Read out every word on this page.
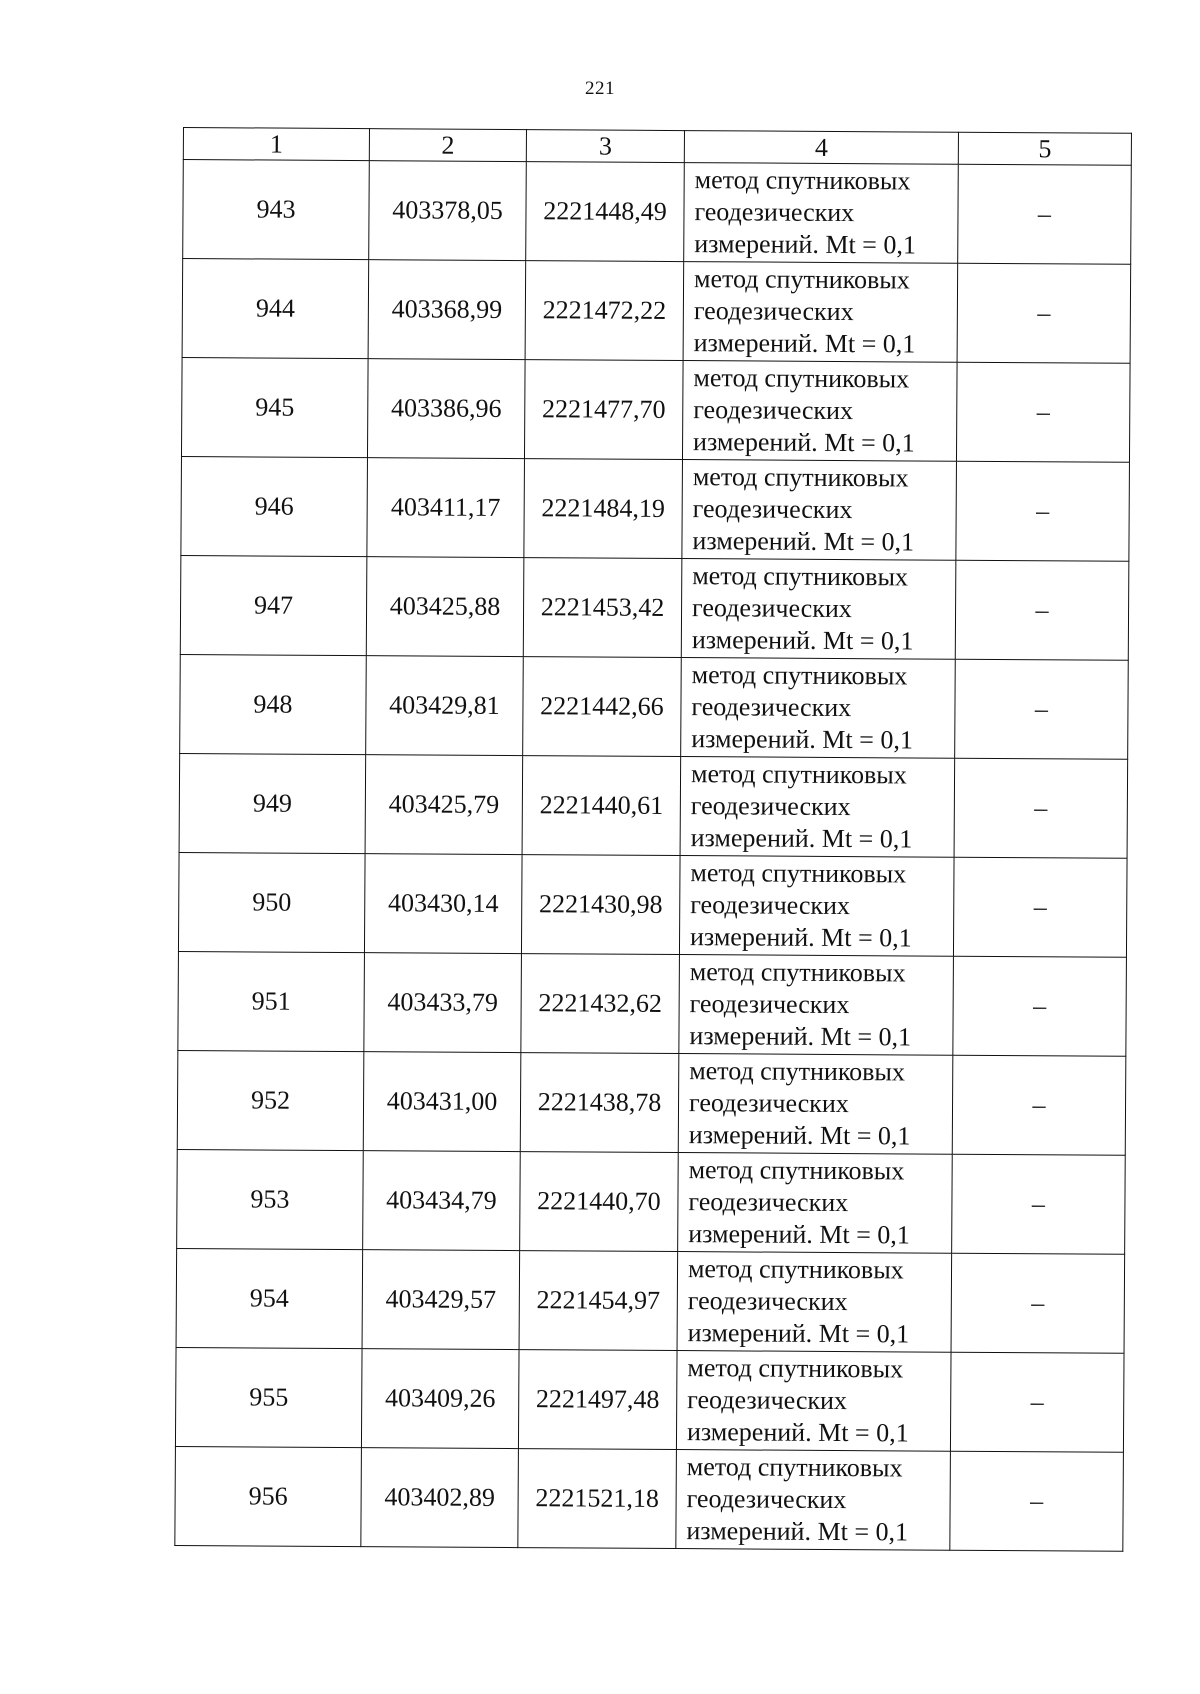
221
1	2	3	4	5
943	403378,05	2221448,49	метод спутниковых
геодезических
измерений. Mt = 0,1	–
944	403368,99	2221472,22	метод спутниковых
геодезических
измерений. Mt = 0,1	–
945	403386,96	2221477,70	метод спутниковых
геодезических
измерений. Mt = 0,1	–
946	403411,17	2221484,19	метод спутниковых
геодезических
измерений. Mt = 0,1	–
947	403425,88	2221453,42	метод спутниковых
геодезических
измерений. Mt = 0,1	–
948	403429,81	2221442,66	метод спутниковых
геодезических
измерений. Mt = 0,1	–
949	403425,79	2221440,61	метод спутниковых
геодезических
измерений. Mt = 0,1	–
950	403430,14	2221430,98	метод спутниковых
геодезических
измерений. Mt = 0,1	–
951	403433,79	2221432,62	метод спутниковых
геодезических
измерений. Mt = 0,1	–
952	403431,00	2221438,78	метод спутниковых
геодезических
измерений. Mt = 0,1	–
953	403434,79	2221440,70	метод спутниковых
геодезических
измерений. Mt = 0,1	–
954	403429,57	2221454,97	метод спутниковых
геодезических
измерений. Mt = 0,1	–
955	403409,26	2221497,48	метод спутниковых
геодезических
измерений. Mt = 0,1	–
956	403402,89	2221521,18	метод спутниковых
геодезических
измерений. Mt = 0,1	–
